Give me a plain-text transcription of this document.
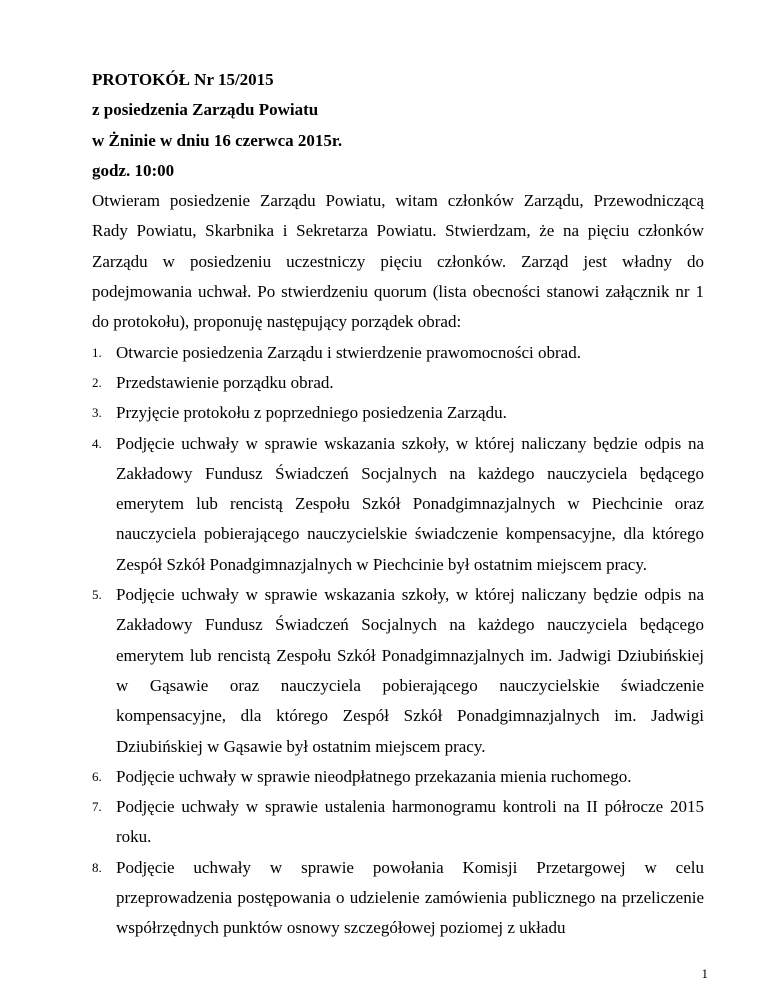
PROTOKÓŁ Nr 15/2015

z posiedzenia Zarządu Powiatu

w Żninie w dniu 16 czerwca 2015r.

godz. 10:00

Otwieram posiedzenie Zarządu Powiatu, witam członków Zarządu, Przewodniczącą Rady Powiatu, Skarbnika i Sekretarza Powiatu. Stwierdzam, że na pięciu członków Zarządu w posiedzeniu uczestniczy pięciu członków. Zarząd jest władny do podejmowania uchwał. Po stwierdzeniu quorum (lista obecności stanowi załącznik nr 1 do protokołu), proponuję następujący porządek obrad:

1. Otwarcie posiedzenia Zarządu i stwierdzenie prawomocności obrad.
2. Przedstawienie porządku obrad.
3. Przyjęcie protokołu z poprzedniego posiedzenia Zarządu.
4. Podjęcie uchwały w sprawie wskazania szkoły, w której naliczany będzie odpis na Zakładowy Fundusz Świadczeń Socjalnych na każdego nauczyciela będącego emerytem lub rencistą Zespołu Szkół Ponadgimnazjalnych w Piechcinie oraz nauczyciela pobierającego nauczycielskie świadczenie kompensacyjne, dla którego Zespół Szkół Ponadgimnazjalnych w Piechcinie był ostatnim miejscem pracy.
5. Podjęcie uchwały w sprawie wskazania szkoły, w której naliczany będzie odpis na Zakładowy Fundusz Świadczeń Socjalnych na każdego nauczyciela będącego emerytem lub rencistą Zespołu Szkół Ponadgimnazjalnych im. Jadwigi Dziubińskiej w Gąsawie oraz nauczyciela pobierającego nauczycielskie świadczenie kompensacyjne, dla którego Zespół Szkół Ponadgimnazjalnych im. Jadwigi Dziubińskiej w Gąsawie był ostatnim miejscem pracy.
6. Podjęcie uchwały w sprawie nieodpłatnego przekazania mienia ruchomego.
7. Podjęcie uchwały w sprawie ustalenia harmonogramu kontroli na II półrocze 2015 roku.
8. Podjęcie uchwały w sprawie powołania Komisji Przetargowej w celu przeprowadzenia postępowania o udzielenie zamówienia publicznego na przeliczenie współrzędnych punktów osnowy szczegółowej poziomej z układu
1
